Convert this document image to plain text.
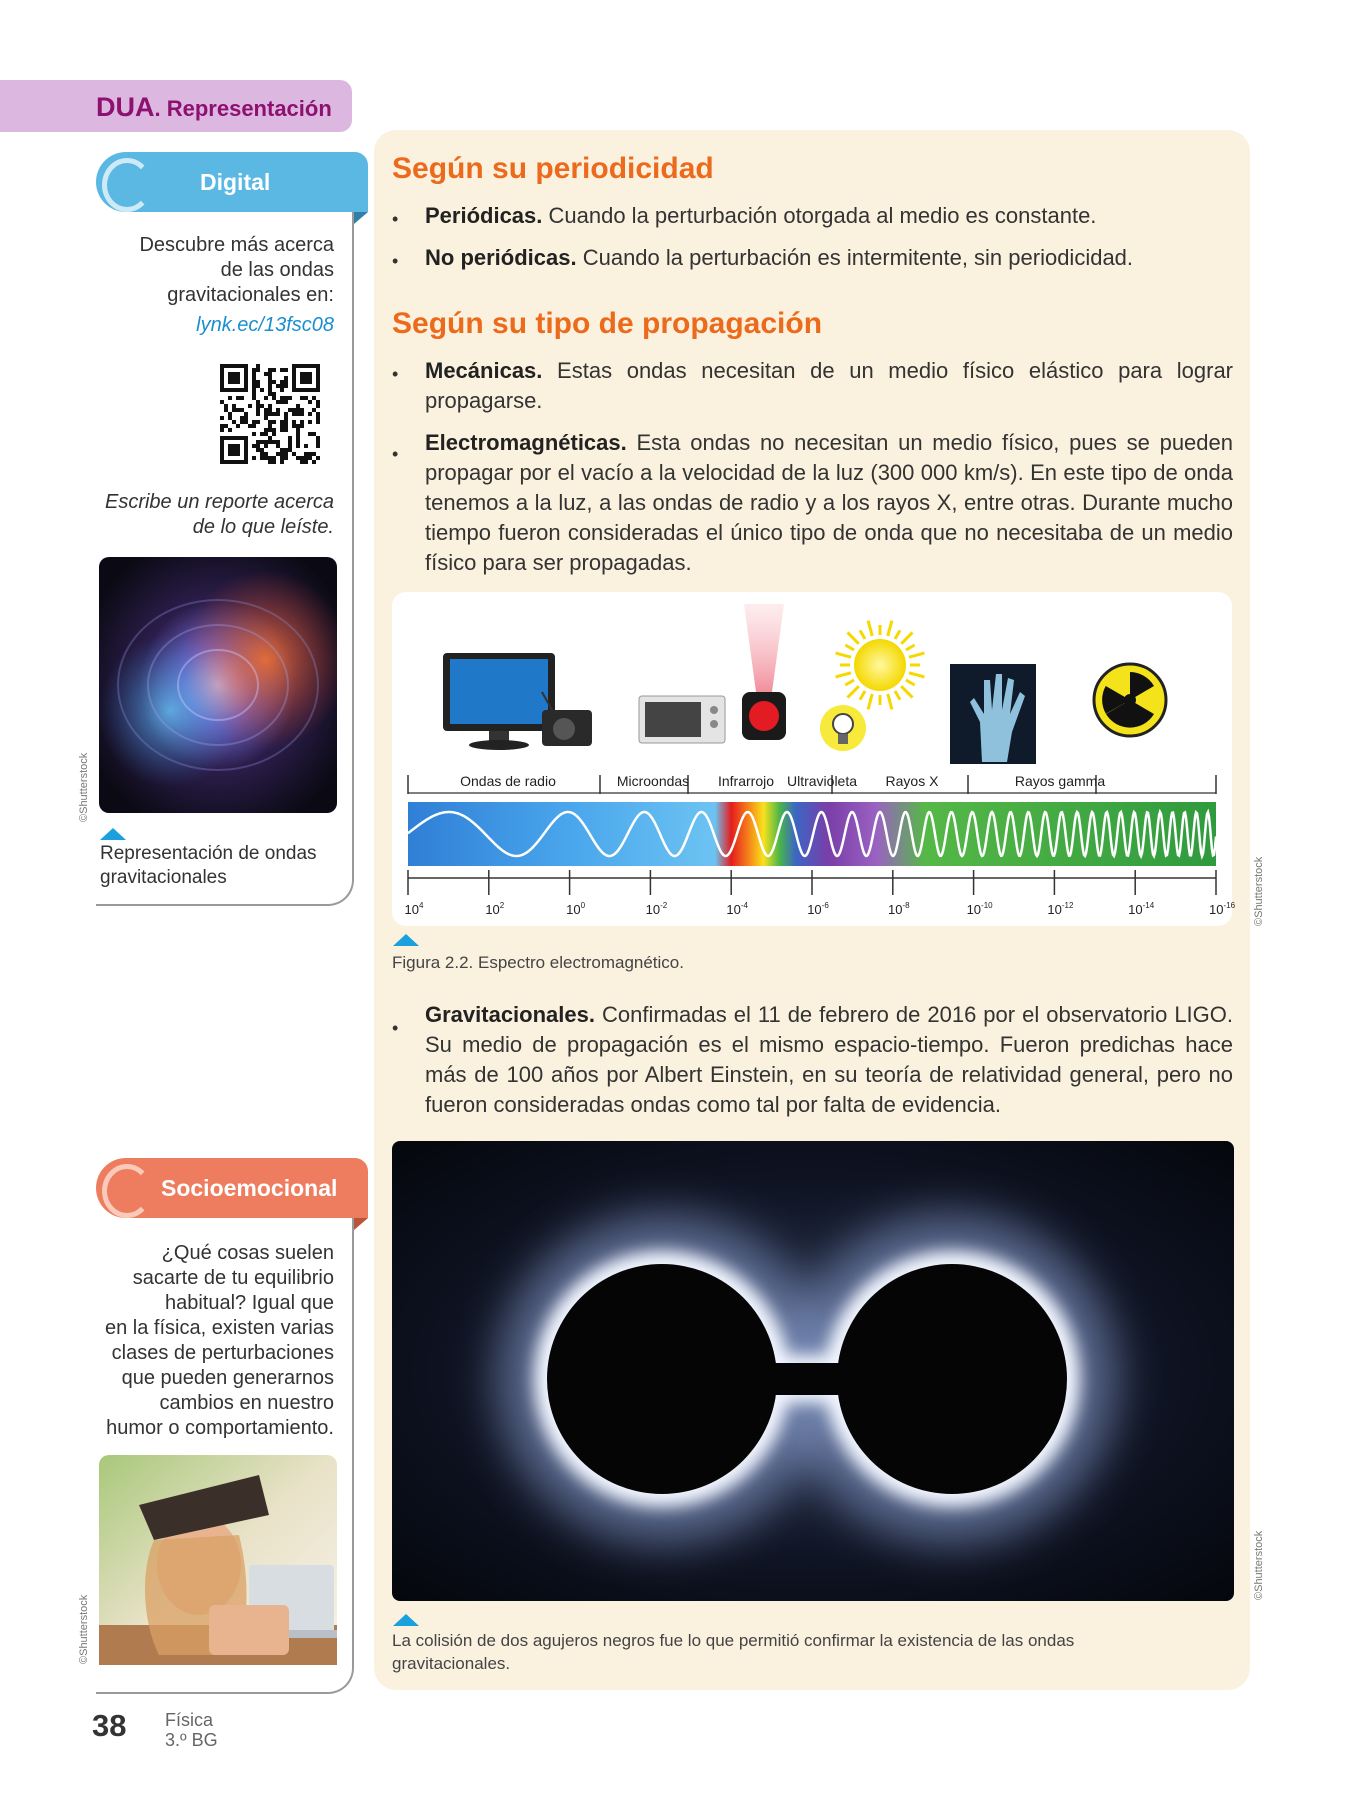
DUA. Representación
Digital
Descubre más acerca
de las ondas
gravitacionales en:
lynk.ec/13fsc08
Escribe un reporte acerca
de lo que leíste.
©Shutterstock
Representación de ondas
gravitacionales
Socioemocional
¿Qué cosas suelen
sacarte de tu equilibrio
habitual? Igual que
en la física, existen varias
clases de perturbaciones
que pueden generarnos
cambios en nuestro
humor o comportamiento.
©Shutterstock
Según su periodicidad
• Periódicas. Cuando la perturbación otorgada al medio es constante.
• No periódicas. Cuando la perturbación es intermitente, sin periodicidad.
Según su tipo de propagación
• Mecánicas. Estas ondas necesitan de un medio físico elástico para lograr propagarse.
• Electromagnéticas. Esta ondas no necesitan un medio físico, pues se pueden propagar por el vacío a la velocidad de la luz (300 000 km/s). En este tipo de onda tenemos a la luz, a las ondas de radio y a los rayos X, entre otras. Durante mucho tiempo fueron consideradas el único tipo de onda que no necesitaba de un medio físico para ser propagadas.
Ondas de radio	Microondas Infrarrojo Ultravioleta Rayos X	Rayos gamma
$10^4$	$10^2$	$10^0$	$10^{-2}$	$10^{-4}$	$10^{-6}$	$10^{-8}$	$10^{-10}$	$10^{-12}$	$10^{-14}$	$10^{-16}$ ©Shutterstock
Figura 2.2. Espectro electromagnético.
•
Gravitacionales. Confirmadas el 11 de febrero de 2016 por el observatorio LIGO. Su medio de propagación es el mismo espacio-tiempo. Fueron predichas hace más de 100 años por Albert Einstein, en su teoría de relatividad general, pero no fueron consideradas ondas como tal por falta de evidencia.
©Shutterstock
La colisión de dos agujeros negros fue lo que permitió confirmar la existencia de las ondas
gravitacionales.
38 Física
3.º BG
